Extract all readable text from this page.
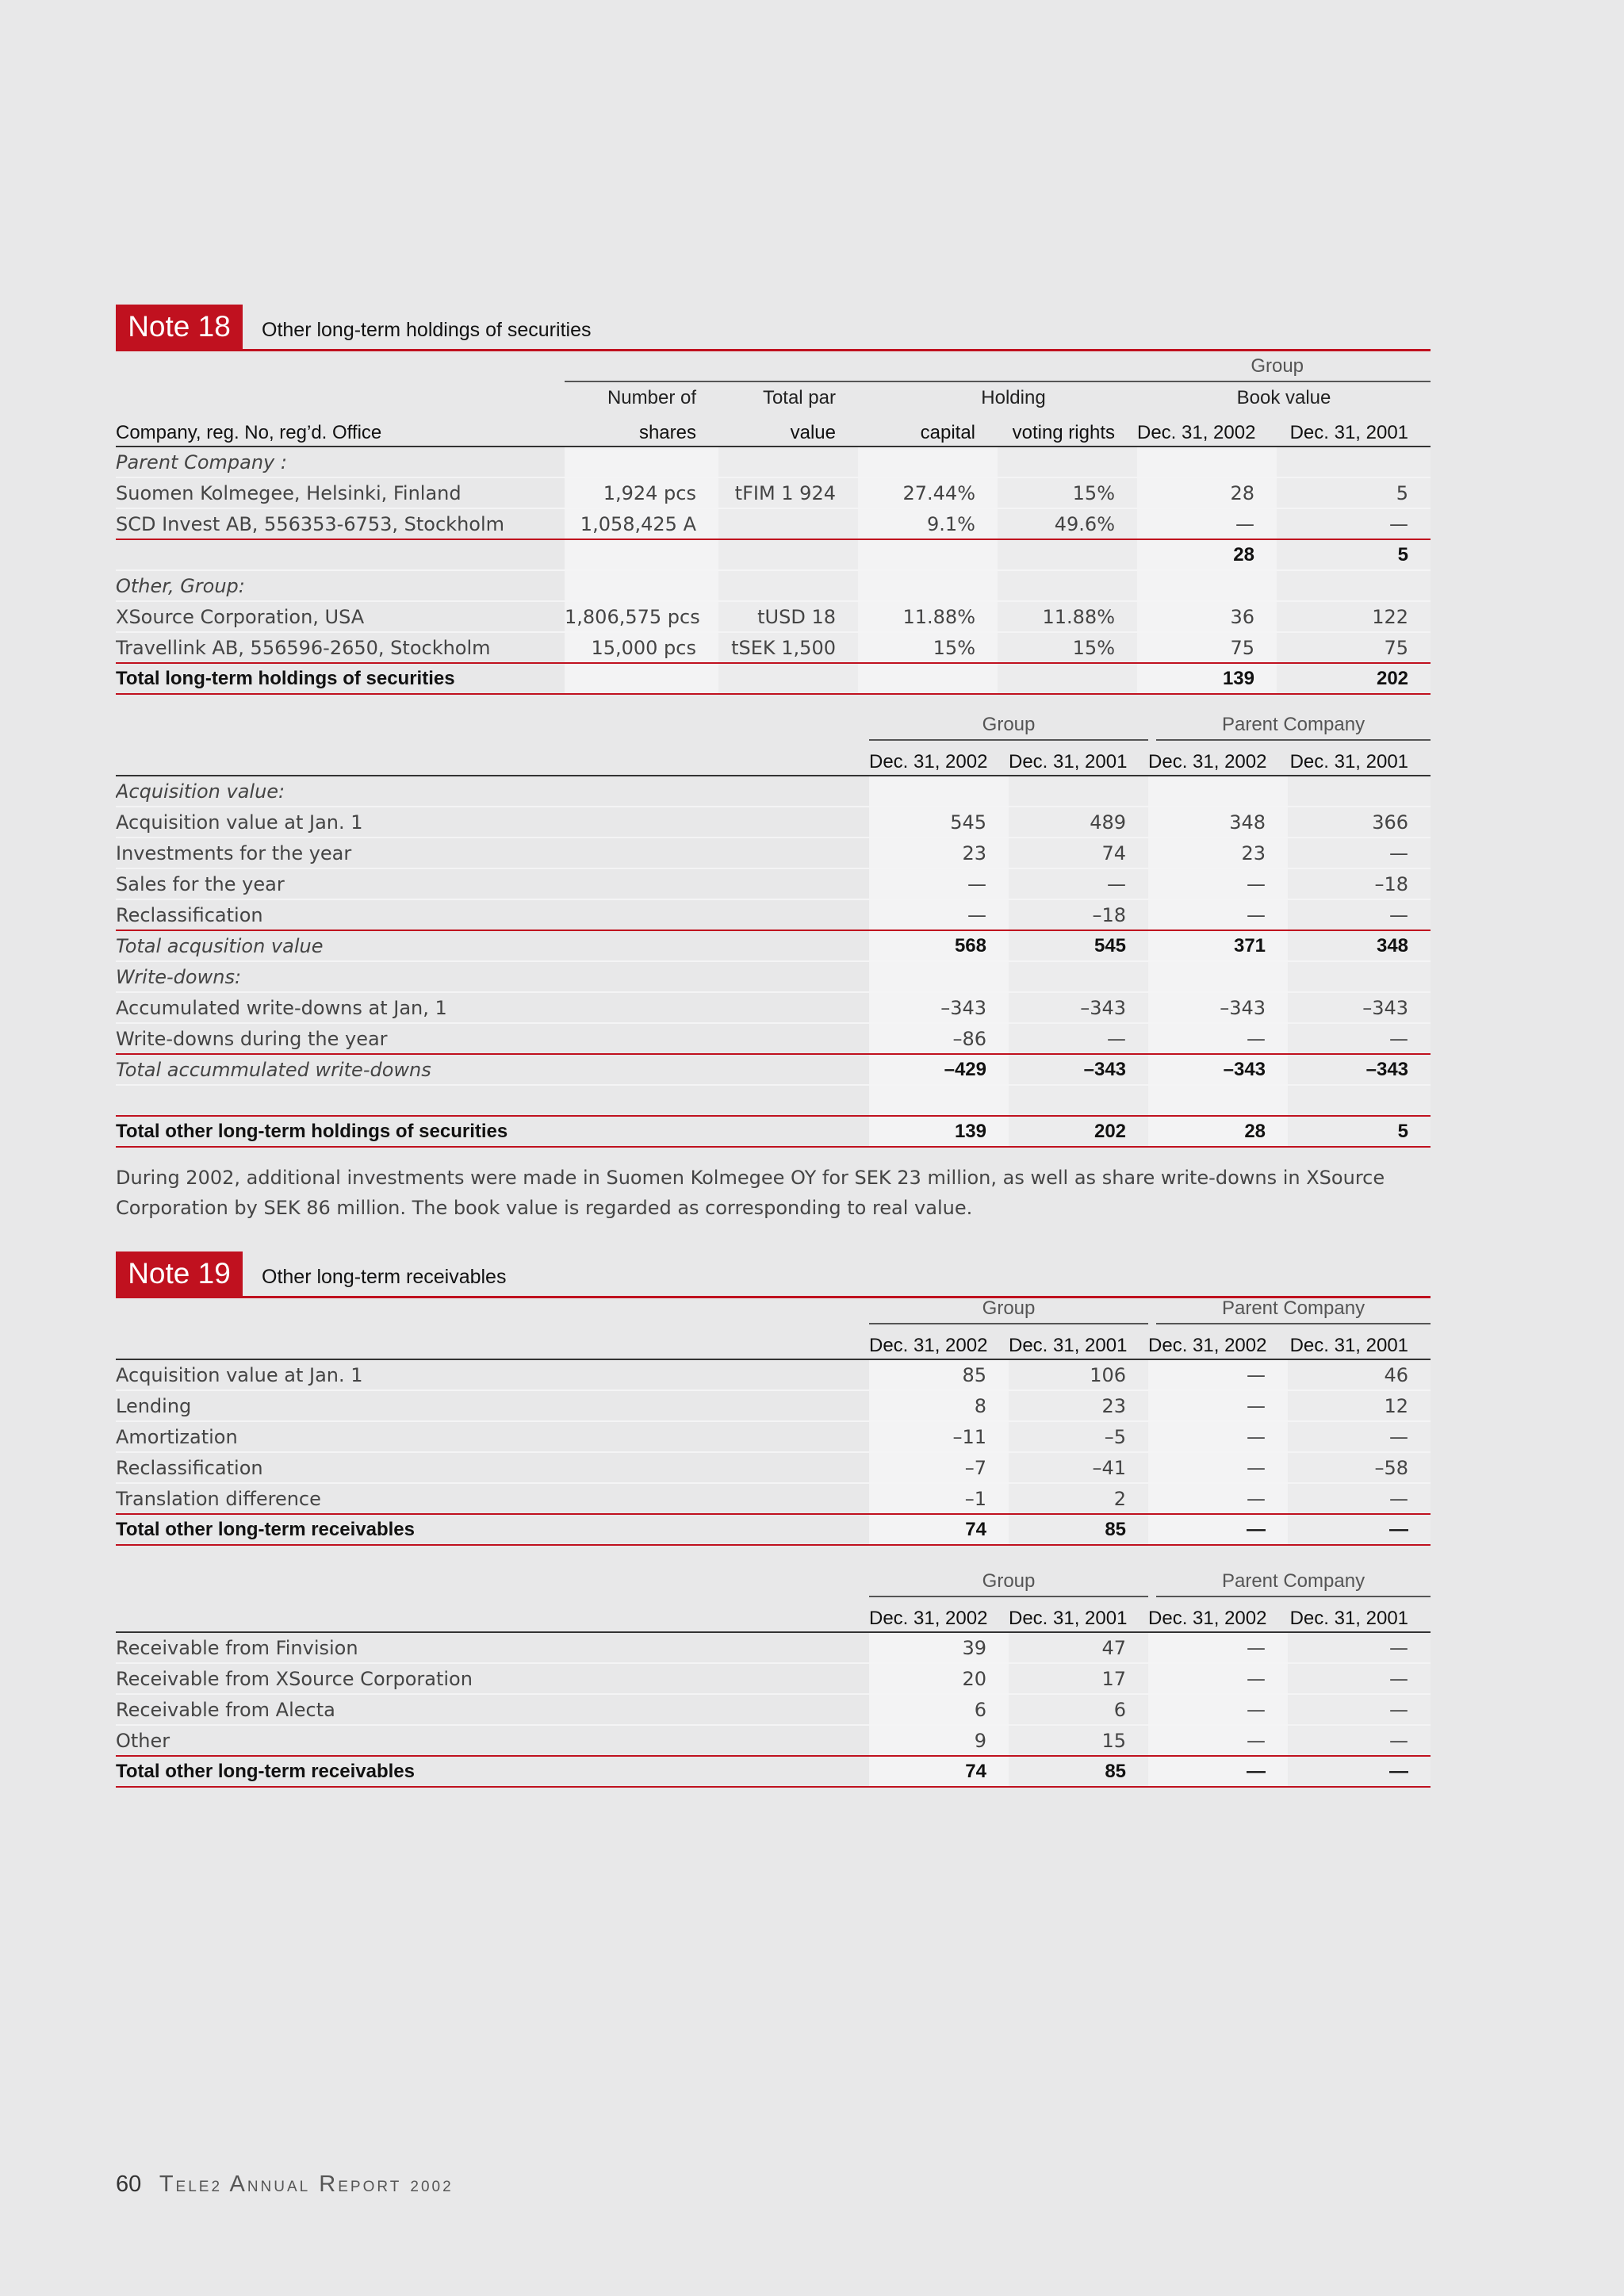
Note 18	Other long-term holdings of securities

	Group					

	Number of	Total par	Holding		Book value	
Company, reg. No, reg’d. Office	shares	value	capital	voting rights	Dec. 31, 2002	Dec. 31, 2001
Parent Company :						
Suomen Kolmegee, Helsinki, Finland	1,924 pcs	tFIM 1 924	27.44%	15%	28	5
SCD Invest AB, 556353-6753, Stockholm	1,058,425 A		9.1%	49.6%	—	—
					28	5
Other, Group:						
XSource Corporation, USA	1,806,575 pcs	tUSD 18	11.88%	11.88%	36	122
Travellink AB, 556596-2650, Stockholm	15,000 pcs	tSEK 1,500	15%	15%	75	75
Total long-term holdings of securities					139	202

	Group		Parent Company	

	Dec. 31, 2002	Dec. 31, 2001	Dec. 31, 2002	Dec. 31, 2001
Acquisition value:				
Acquisition value at Jan. 1	545	489	348	366
Investments for the year	23	74	23	—
Sales for the year	—	—	—	–18
Reclassification	—	–18	—	—
Total acqusition value	568	545	371	348
Write-downs:				
Accumulated write-downs at Jan, 1	–343	–343	–343	–343
Write-downs during the year	–86	—	—	—
Total accummulated write-downs	–429	–343	–343	–343

Total other long-term holdings of securities	139	202	28	5

During 2002, additional investments were made in Suomen Kolmegee OY for SEK 23 million, as well as share write-downs in XSource Corporation by SEK 86 million. The book value is regarded as corresponding to real value.

Note 19	Other long-term receivables

	Group		Parent Company	

	Dec. 31, 2002	Dec. 31, 2001	Dec. 31, 2002	Dec. 31, 2001
Acquisition value at Jan. 1	85	106	—	46
Lending	8	23	—	12
Amortization	–11	–5	—	—
Reclassification	–7	–41	—	–58
Translation difference	–1	2	—	—
Total other long-term receivables	74	85	—	—

	Group		Parent Company	

	Dec. 31, 2002	Dec. 31, 2001	Dec. 31, 2002	Dec. 31, 2001
Receivable from Finvision	39	47	—	—
Receivable from XSource Corporation	20	17	—	—
Receivable from Alecta	6	6	—	—
Other	9	15	—	—
Total other long-term receivables	74	85	—	—
60 TELE2 ANNUAL REPORT 2002
